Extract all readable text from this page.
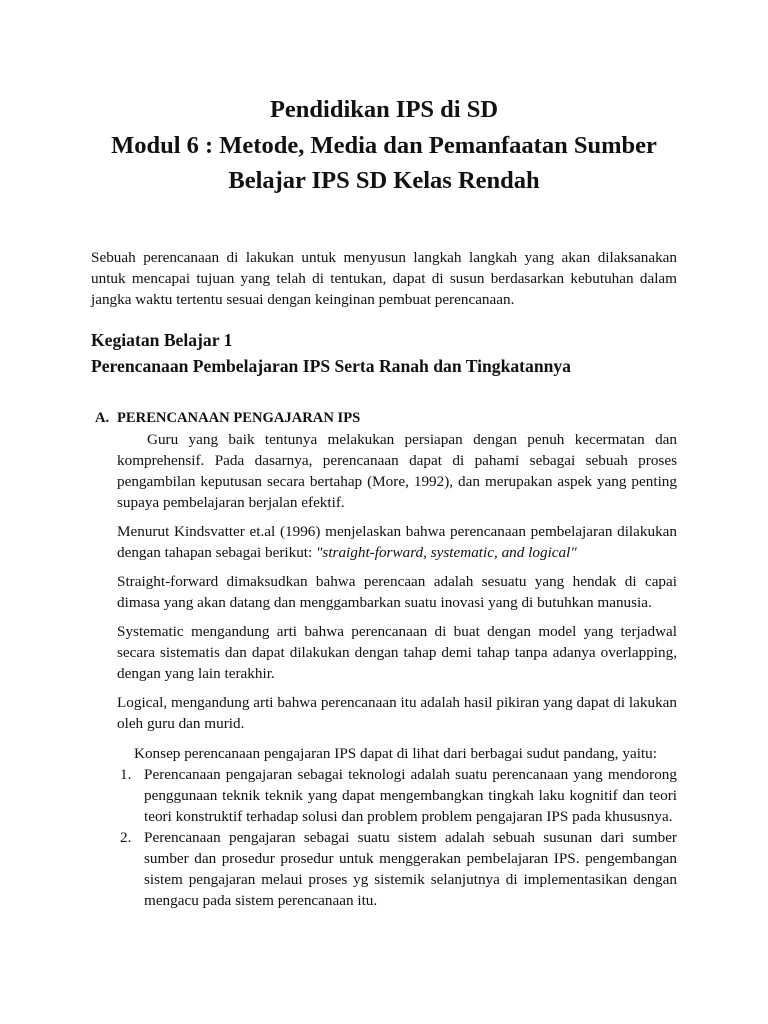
Pendidikan IPS di SD
Modul 6 : Metode, Media dan Pemanfaatan Sumber
Belajar IPS SD Kelas Rendah

Sebuah perencanaan di lakukan untuk menyusun langkah langkah yang akan dilaksanakan untuk mencapai tujuan yang telah di tentukan, dapat di susun berdasarkan kebutuhan dalam jangka waktu tertentu sesuai dengan keinginan pembuat perencanaan.

Kegiatan Belajar 1
Perencanaan Pembelajaran IPS Serta Ranah dan Tingkatannya
A. PERENCANAAN PENGAJARAN IPS

Guru yang baik tentunya melakukan persiapan dengan penuh kecermatan dan komprehensif. Pada dasarnya, perencanaan dapat di pahami sebagai sebuah proses pengambilan keputusan secara bertahap (More, 1992), dan merupakan aspek yang penting supaya pembelajaran berjalan efektif.

Menurut Kindsvatter et.al (1996) menjelaskan bahwa perencanaan pembelajaran dilakukan dengan tahapan sebagai berikut: "straight-forward, systematic, and logical"

Straight-forward dimaksudkan bahwa perencaan adalah sesuatu yang hendak di capai dimasa yang akan datang dan menggambarkan suatu inovasi yang di butuhkan manusia.

Systematic mengandung arti bahwa perencanaan di buat dengan model yang terjadwal secara sistematis dan dapat dilakukan dengan tahap demi tahap tanpa adanya overlapping, dengan yang lain terakhir.

Logical, mengandung arti bahwa perencanaan itu adalah hasil pikiran yang dapat di lakukan oleh guru dan murid.

Konsep perencanaan pengajaran IPS dapat di lihat dari berbagai sudut pandang, yaitu:

1. Perencanaan pengajaran sebagai teknologi adalah suatu perencanaan yang mendorong penggunaan teknik teknik yang dapat mengembangkan tingkah laku kognitif dan teori teori konstruktif terhadap solusi dan problem problem pengajaran IPS pada khususnya.
2. Perencanaan pengajaran sebagai suatu sistem adalah sebuah susunan dari sumber sumber dan prosedur prosedur untuk menggerakan pembelajaran IPS. pengembangan sistem pengajaran melaui proses yg sistemik selanjutnya di implementasikan dengan mengacu pada sistem perencanaan itu.
